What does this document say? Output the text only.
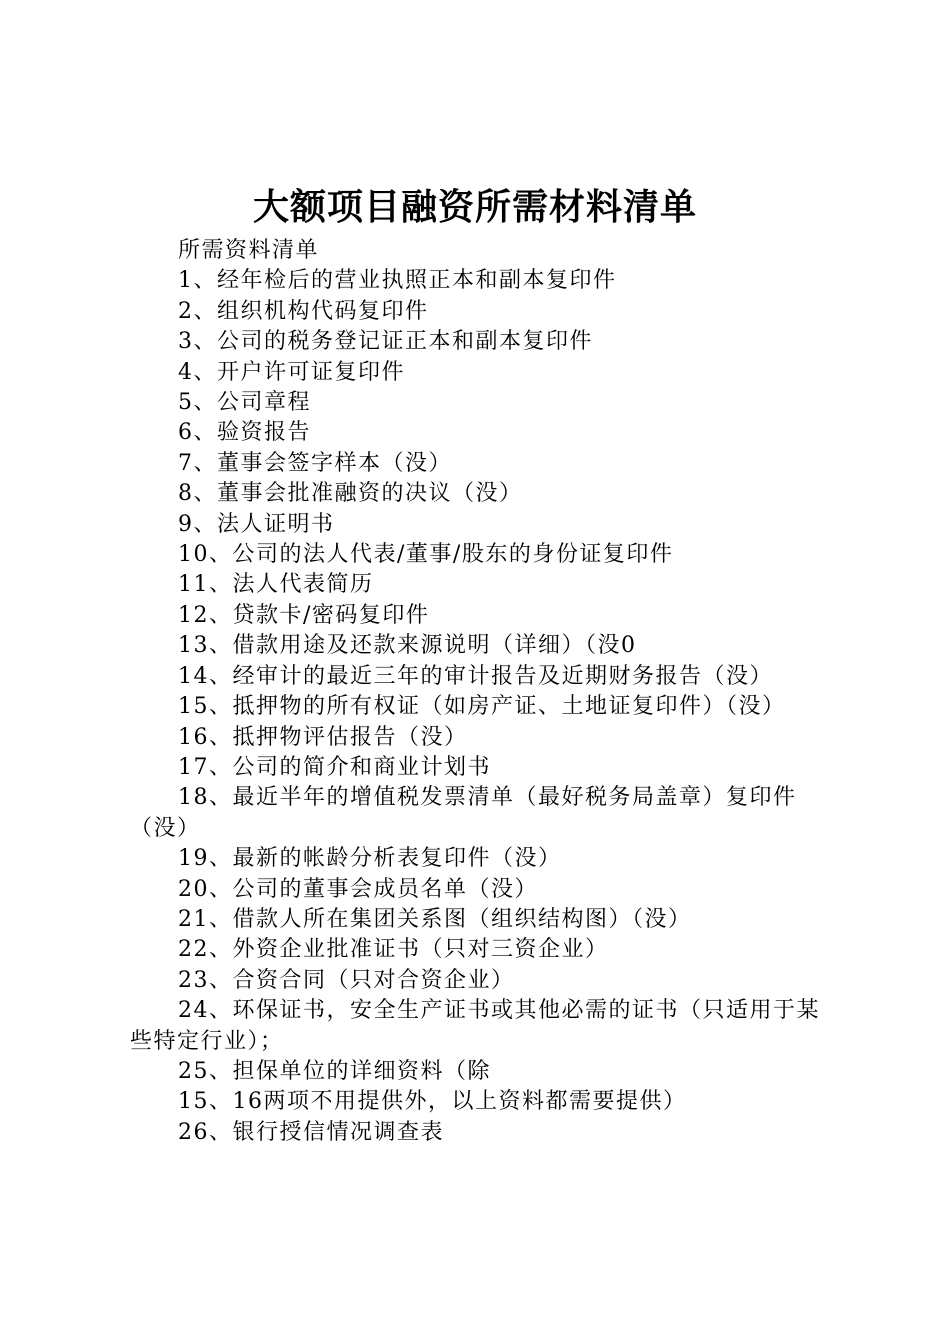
大额项目融资所需材料清单

所需资料清单

1、经年检后的营业执照正本和副本复印件

2、组织机构代码复印件

3、公司的税务登记证正本和副本复印件

4、开户许可证复印件

5、公司章程

6、验资报告

7、董事会签字样本（没）

8、董事会批准融资的决议（没）

9、法人证明书

10、公司的法人代表/董事/股东的身份证复印件

11、法人代表简历

12、贷款卡/密码复印件

13、借款用途及还款来源说明（详细）（没0

14、经审计的最近三年的审计报告及近期财务报告（没）

15、抵押物的所有权证（如房产证、土地证复印件）（没）

16、抵押物评估报告（没）

17、公司的简介和商业计划书

18、最近半年的增值税发票清单（最好税务局盖章）复印件（没）

19、最新的帐龄分析表复印件（没）

20、公司的董事会成员名单（没）

21、借款人所在集团关系图（组织结构图）（没）

22、外资企业批准证书（只对三资企业）

23、合资合同（只对合资企业）

24、环保证书，安全生产证书或其他必需的证书（只适用于某些特定行业）；

25、担保单位的详细资料（除

15、16两项不用提供外，以上资料都需要提供）

26、银行授信情况调查表
